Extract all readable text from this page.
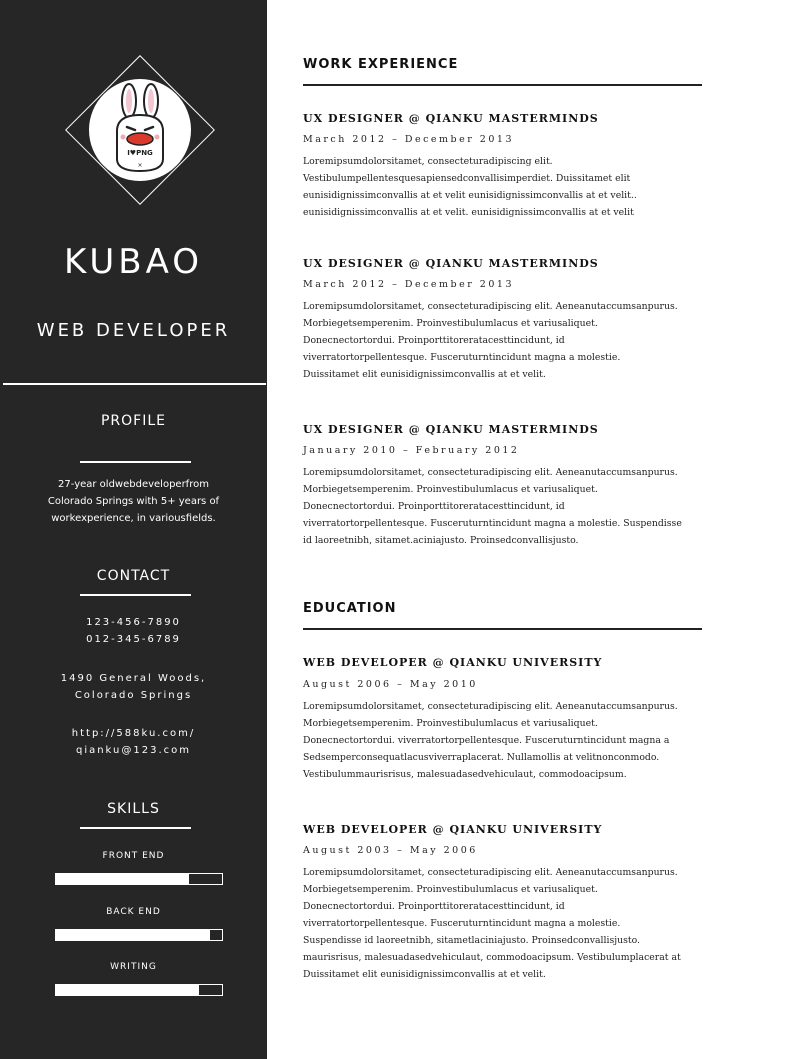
I♥PNG
×
KUBAO
WEB DEVELOPER
PROFILE
27-year oldwebdeveloperfrom
Colorado Springs with 5+ years of
workexperience, in variousfields.
CONTACT
123-456-7890
012-345-6789
1490 General Woods,
Colorado Springs
http://588ku.com/
qianku@123.com
SKILLS
FRONT END
BACK END
WRITING
WORK EXPERIENCE
UX DESIGNER @ QIANKU MASTERMINDS
March 2012 – December 2013
Loremipsumdolorsitamet, consecteturadipiscing elit.
Vestibulumpellentesquesapiensedconvallisimperdiet. Duissitamet elit
eunisidignissimconvallis at et velit eunisidignissimconvallis at et velit..
eunisidignissimconvallis at et velit. eunisidignissimconvallis at et velit
UX DESIGNER @ QIANKU MASTERMINDS
March 2012 – December 2013
Loremipsumdolorsitamet, consecteturadipiscing elit. Aeneanutaccumsanpurus.
Morbiegetsemperenim. Proinvestibulumlacus et variusaliquet.
Donecnectortordui. Proinporttitoreratacesttincidunt, id
viverratortorpellentesque. Fusceruturntincidunt magna a molestie.
Duissitamet elit eunisidignissimconvallis at et velit.
UX DESIGNER @ QIANKU MASTERMINDS
January 2010 – February 2012
Loremipsumdolorsitamet, consecteturadipiscing elit. Aeneanutaccumsanpurus.
Morbiegetsemperenim. Proinvestibulumlacus et variusaliquet.
Donecnectortordui. Proinporttitoreratacesttincidunt, id
viverratortorpellentesque. Fusceruturntincidunt magna a molestie. Suspendisse
id laoreetnibh, sitamet.aciniajusto. Proinsedconvallisjusto.
EDUCATION
WEB DEVELOPER @ QIANKU UNIVERSITY
August 2006 – May 2010
Loremipsumdolorsitamet, consecteturadipiscing elit. Aeneanutaccumsanpurus.
Morbiegetsemperenim. Proinvestibulumlacus et variusaliquet.
Donecnectortordui. viverratortorpellentesque. Fusceruturntincidunt magna a
Sedsemperconsequatlacusviverraplacerat. Nullamollis at velitnonconmodo.
Vestibulummaurisrisus, malesuadasedvehiculaut, commodoacipsum.
WEB DEVELOPER @ QIANKU UNIVERSITY
August 2003 – May 2006
Loremipsumdolorsitamet, consecteturadipiscing elit. Aeneanutaccumsanpurus.
Morbiegetsemperenim. Proinvestibulumlacus et variusaliquet.
Donecnectortordui. Proinporttitoreratacesttincidunt, id
viverratortorpellentesque. Fusceruturntincidunt magna a molestie.
Suspendisse id laoreetnibh, sitametlaciniajusto. Proinsedconvallisjusto.
maurisrisus, malesuadasedvehiculaut, commodoacipsum. Vestibulumplacerat at
Duissitamet elit eunisidignissimconvallis at et velit.
